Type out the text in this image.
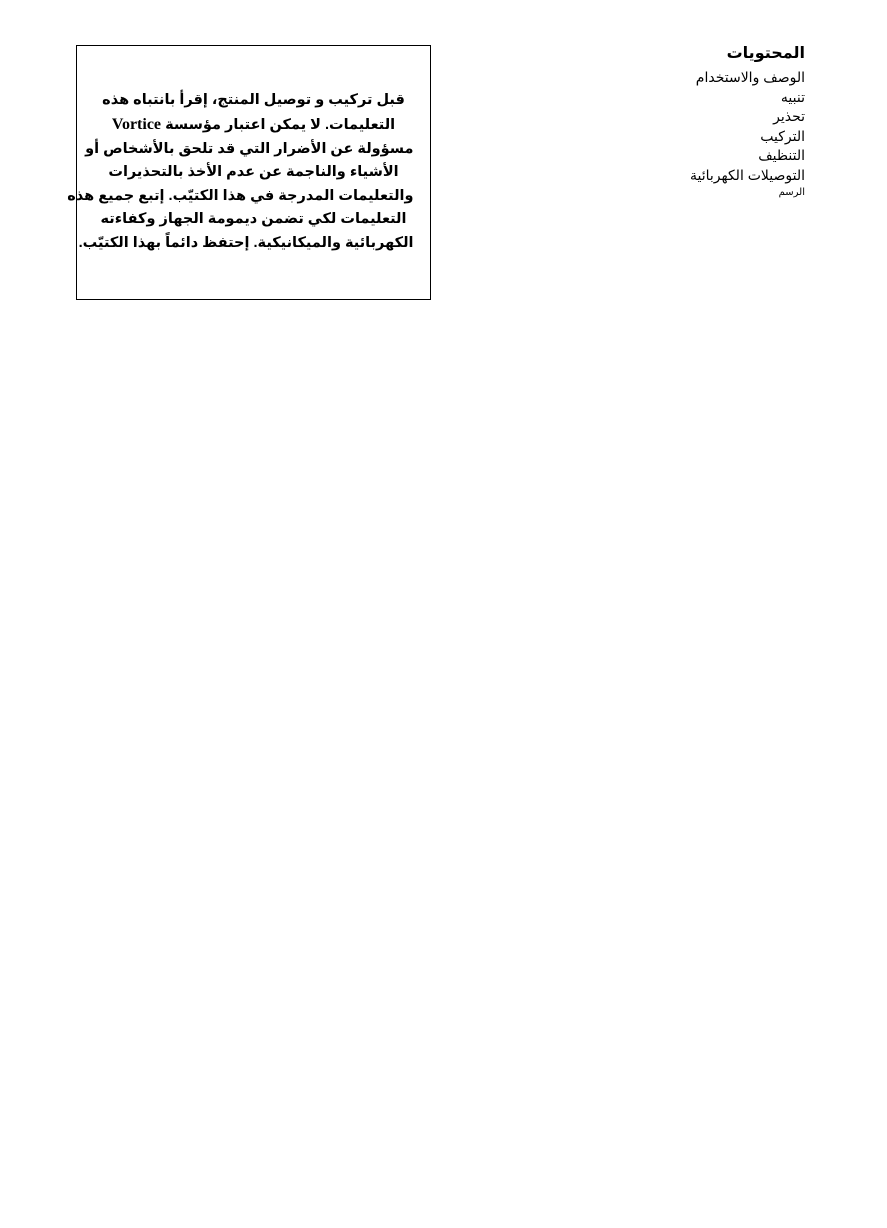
قبل تركيب و توصيل المنتج، إقرأ بانتباه هذه
التعليمات. لا يمكن اعتبار مؤسسة Vortice
مسؤولة عن الأضرار التي قد تلحق بالأشخاص أو
الأشياء والناجمة عن عدم الأخذ بالتحذيرات
والتعليمات المدرجة في هذا الكتيّب. إتبع جميع هذه
التعليمات لكي تضمن ديمومة الجهاز وكفاءته
الكهربائية والميكانيكية. إحتفظ دائماً بهذا الكتيّب.

المحتويات
الوصف والاستخدام
تنبيه
تحذير
التركيب
التنظيف
التوصيلات الكهربائية
الرسم
